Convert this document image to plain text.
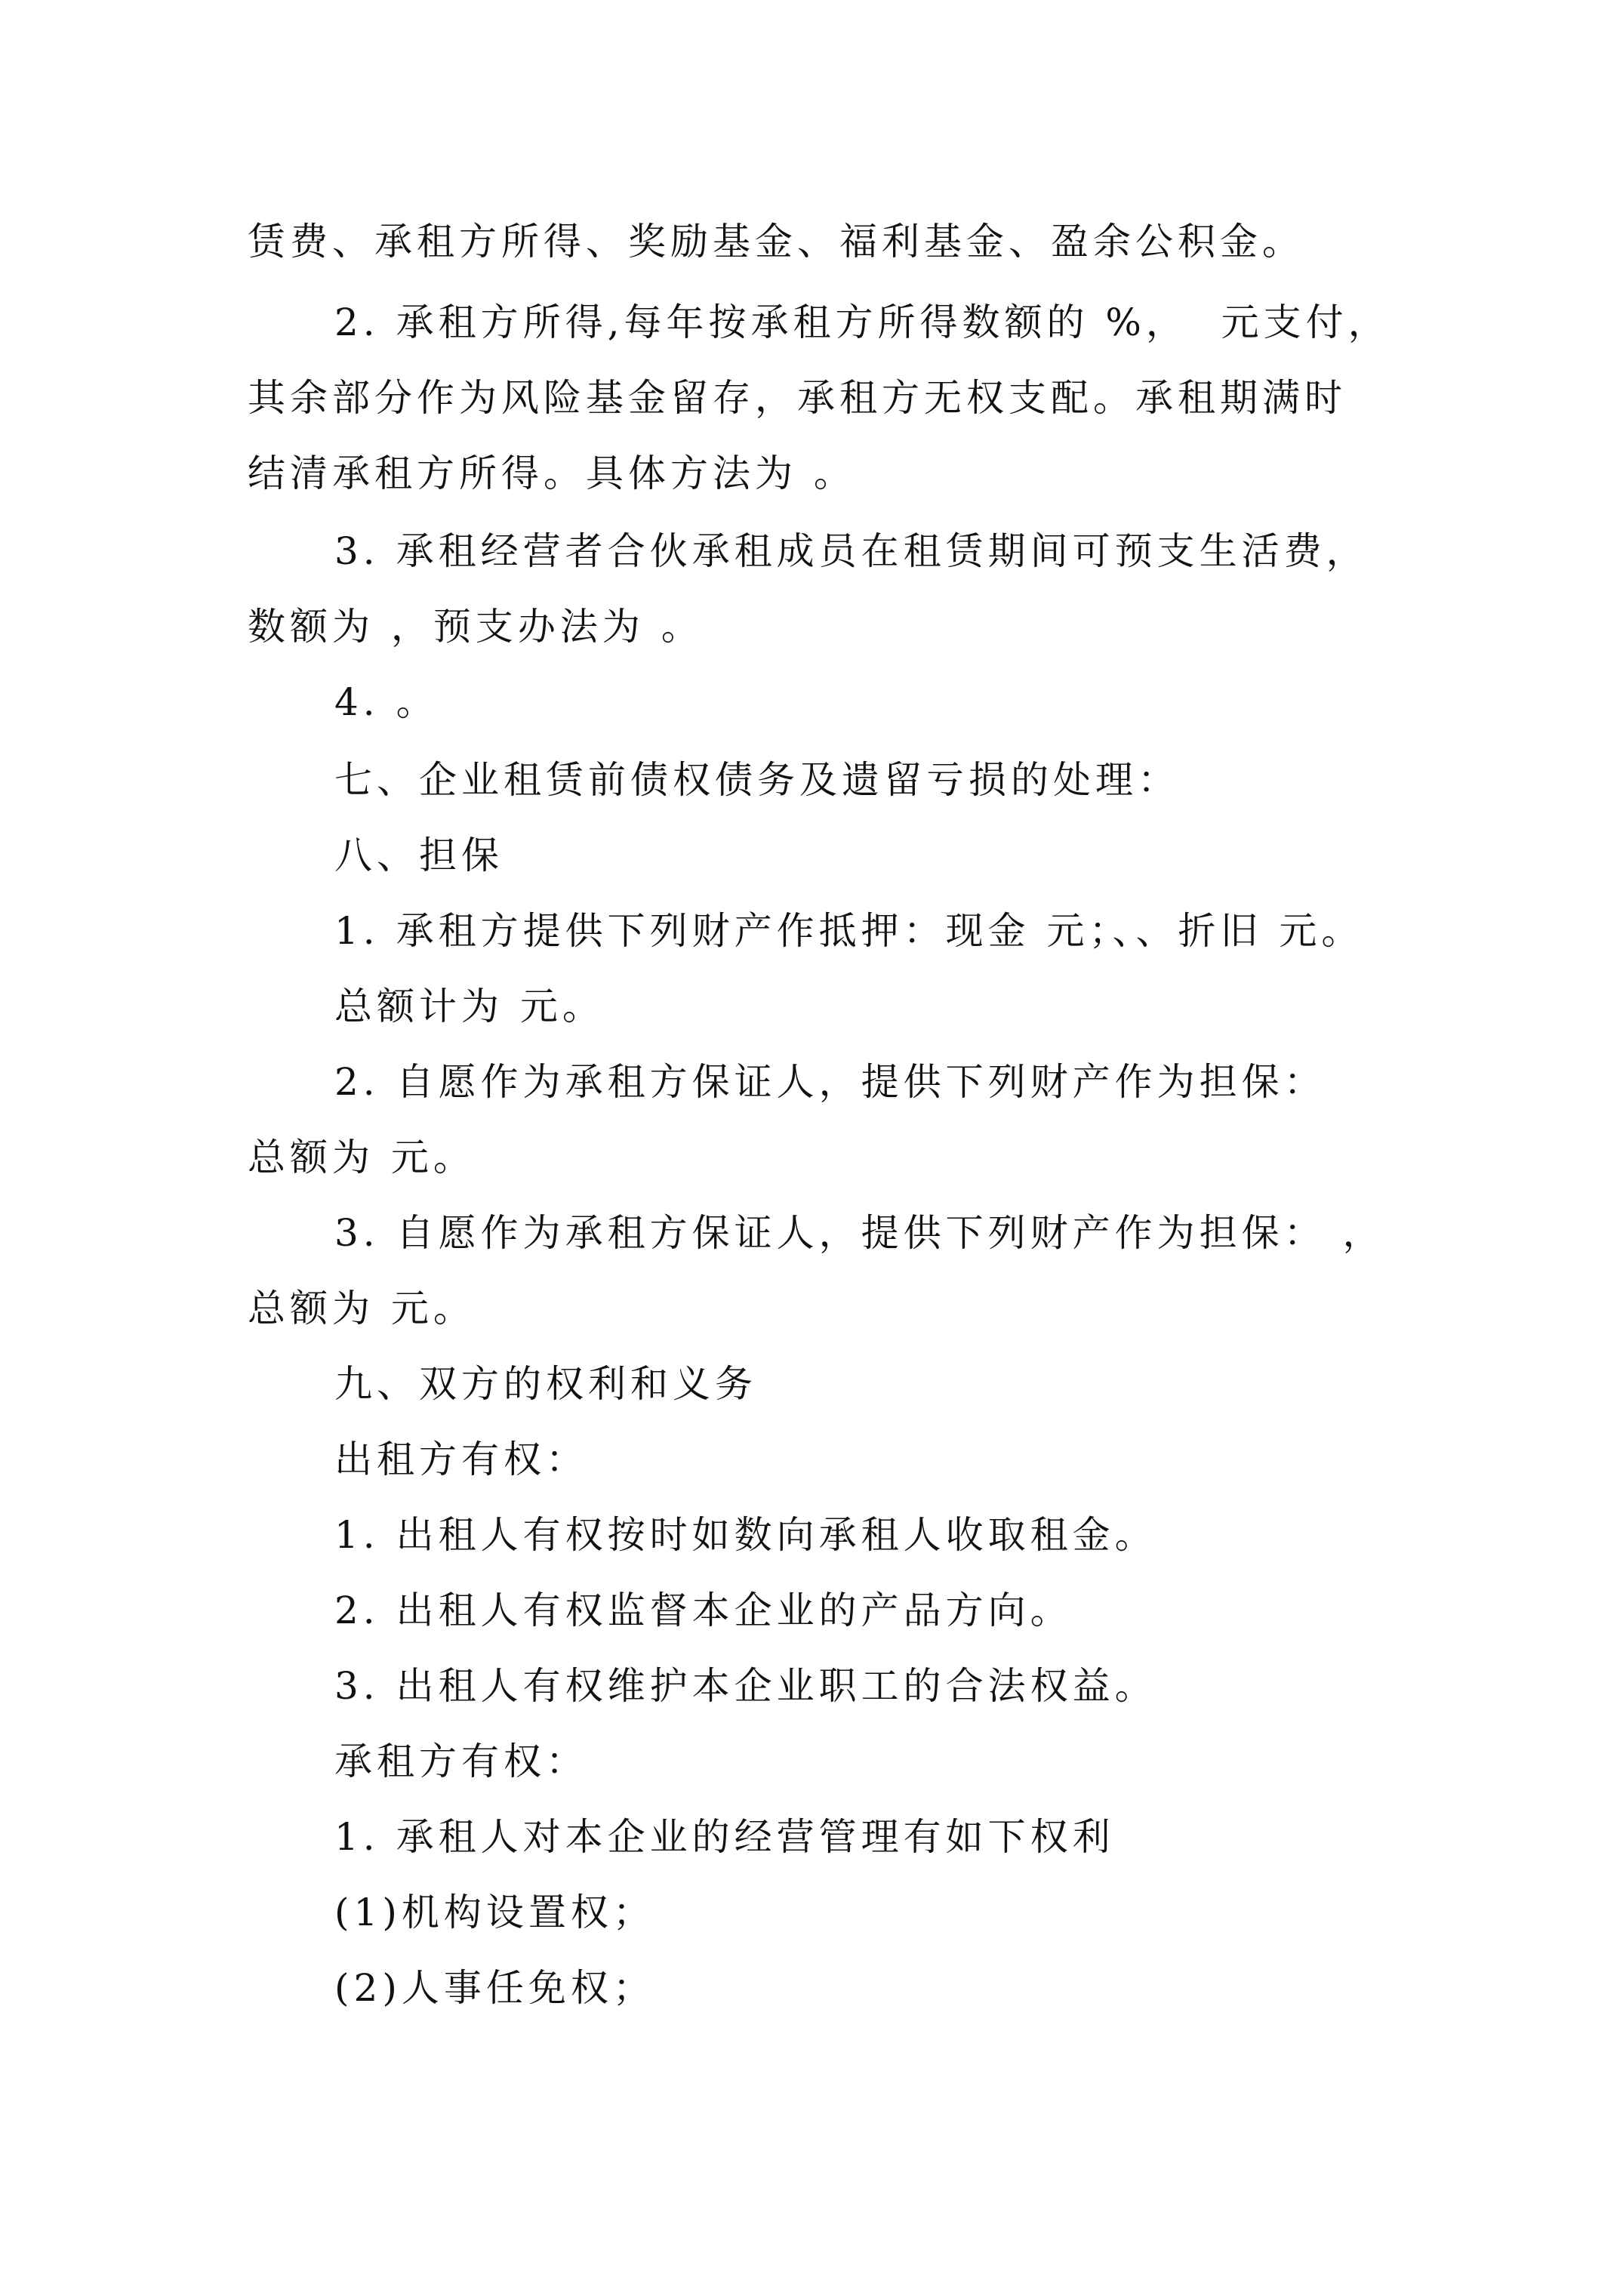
赁费、承租方所得、奖励基金、福利基金、盈余公积金。
2. 承租方所得,每年按承租方所得数额的 %，  元支付，
其余部分作为风险基金留存，承租方无权支配。承租期满时
结清承租方所得。具体方法为 。
3. 承租经营者合伙承租成员在租赁期间可预支生活费，
数额为 ，预支办法为 。
4. 。
七、企业租赁前债权债务及遗留亏损的处理：
八、担保
1. 承租方提供下列财产作抵押：现金 元；、、折旧 元。
总额计为 元。
2. 自愿作为承租方保证人，提供下列财产作为担保：
总额为 元。
3. 自愿作为承租方保证人，提供下列财产作为担保： ，
总额为 元。
九、双方的权利和义务
出租方有权：
1. 出租人有权按时如数向承租人收取租金。
2. 出租人有权监督本企业的产品方向。
3. 出租人有权维护本企业职工的合法权益。
承租方有权：
1. 承租人对本企业的经营管理有如下权利
(1)机构设置权；
(2)人事任免权；
